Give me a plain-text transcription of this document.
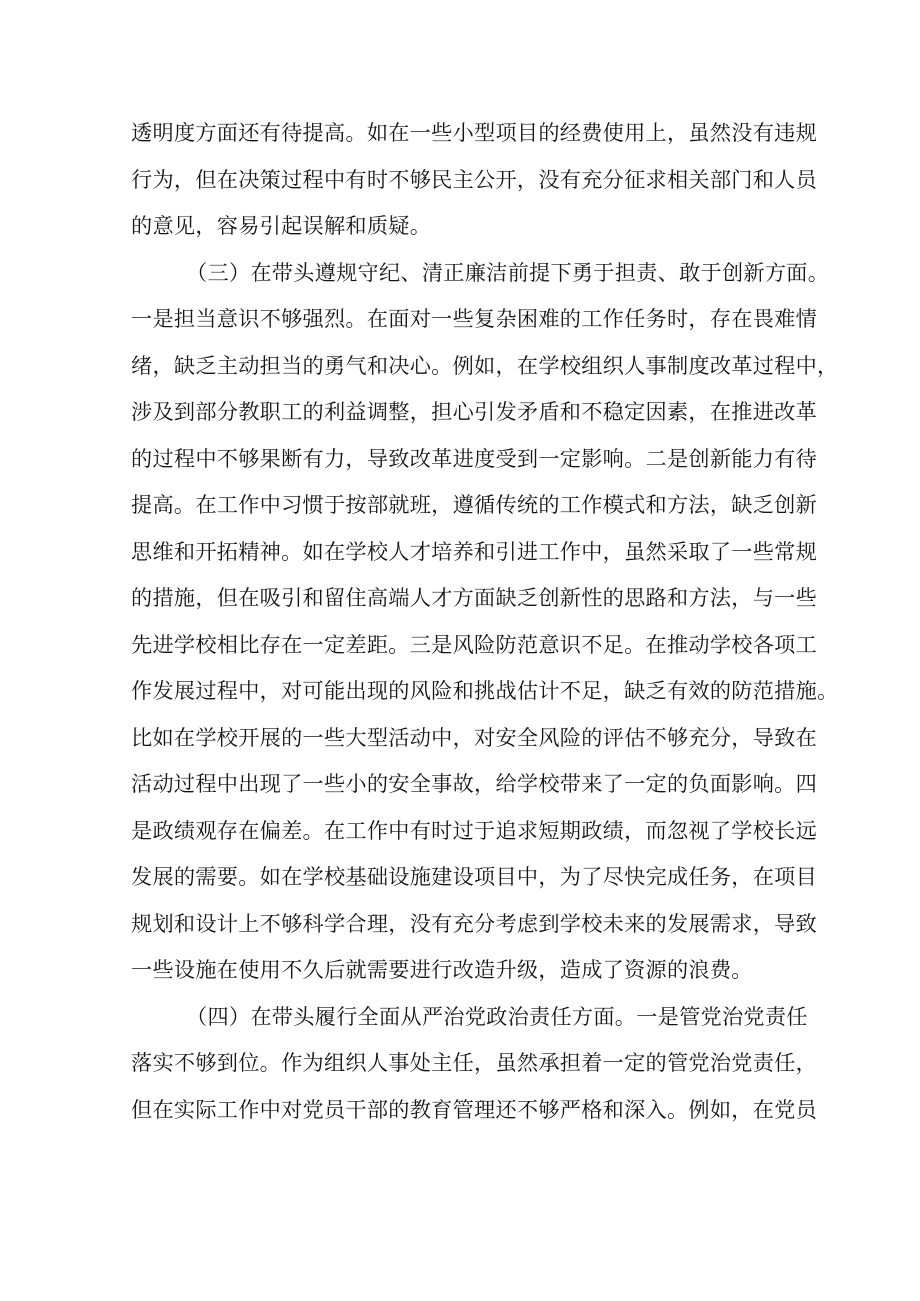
透明度方面还有待提高。如在一些小型项目的经费使用上，虽然没有违规
行为，但在决策过程中有时不够民主公开，没有充分征求相关部门和人员
的意见，容易引起误解和质疑。
（三）在带头遵规守纪、清正廉洁前提下勇于担责、敢于创新方面。
一是担当意识不够强烈。在面对一些复杂困难的工作任务时，存在畏难情
绪，缺乏主动担当的勇气和决心。例如，在学校组织人事制度改革过程中，
涉及到部分教职工的利益调整，担心引发矛盾和不稳定因素，在推进改革
的过程中不够果断有力，导致改革进度受到一定影响。二是创新能力有待
提高。在工作中习惯于按部就班，遵循传统的工作模式和方法，缺乏创新
思维和开拓精神。如在学校人才培养和引进工作中，虽然采取了一些常规
的措施，但在吸引和留住高端人才方面缺乏创新性的思路和方法，与一些
先进学校相比存在一定差距。三是风险防范意识不足。在推动学校各项工
作发展过程中，对可能出现的风险和挑战估计不足，缺乏有效的防范措施。
比如在学校开展的一些大型活动中，对安全风险的评估不够充分，导致在
活动过程中出现了一些小的安全事故，给学校带来了一定的负面影响。四
是政绩观存在偏差。在工作中有时过于追求短期政绩，而忽视了学校长远
发展的需要。如在学校基础设施建设项目中，为了尽快完成任务，在项目
规划和设计上不够科学合理，没有充分考虑到学校未来的发展需求，导致
一些设施在使用不久后就需要进行改造升级，造成了资源的浪费。
（四）在带头履行全面从严治党政治责任方面。一是管党治党责任
落实不够到位。作为组织人事处主任，虽然承担着一定的管党治党责任，
但在实际工作中对党员干部的教育管理还不够严格和深入。例如，在党员
